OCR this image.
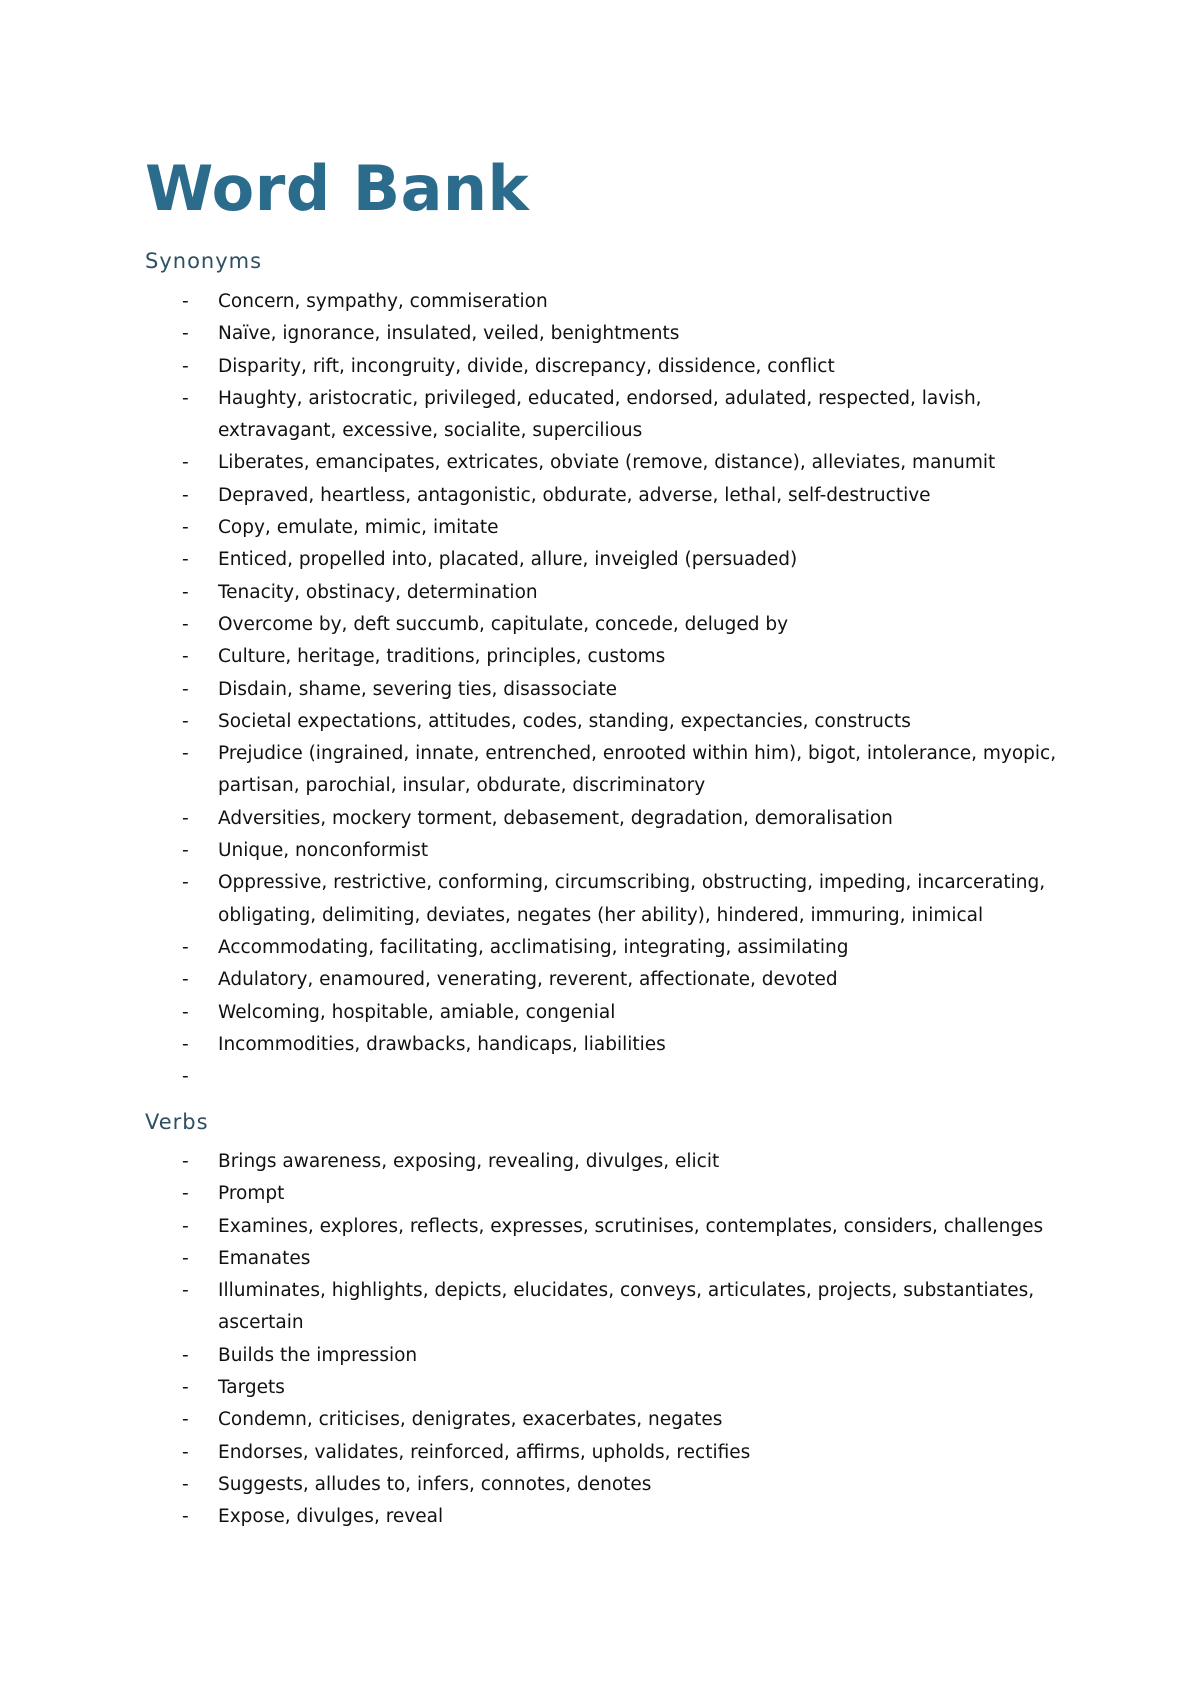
Word Bank
Synonyms
- Concern, sympathy, commiseration
- Naïve, ignorance, insulated, veiled, benightments
- Disparity, rift, incongruity, divide, discrepancy, dissidence, conflict
- Haughty, aristocratic, privileged, educated, endorsed, adulated, respected, lavish, extravagant, excessive, socialite, supercilious
- Liberates, emancipates, extricates, obviate (remove, distance), alleviates, manumit
- Depraved, heartless, antagonistic, obdurate, adverse, lethal, self-destructive
- Copy, emulate, mimic, imitate
- Enticed, propelled into, placated, allure, inveigled (persuaded)
- Tenacity, obstinacy, determination
- Overcome by, deft succumb, capitulate, concede, deluged by
- Culture, heritage, traditions, principles, customs
- Disdain, shame, severing ties, disassociate
- Societal expectations, attitudes, codes, standing, expectancies, constructs
- Prejudice (ingrained, innate, entrenched, enrooted within him), bigot, intolerance, myopic, partisan, parochial, insular, obdurate, discriminatory
- Adversities, mockery torment, debasement, degradation, demoralisation
- Unique, nonconformist
- Oppressive, restrictive, conforming, circumscribing, obstructing, impeding, incarcerating, obligating, delimiting, deviates, negates (her ability), hindered, immuring, inimical
- Accommodating, facilitating, acclimatising, integrating, assimilating
- Adulatory, enamoured, venerating, reverent, affectionate, devoted
- Welcoming, hospitable, amiable, congenial
- Incommodities, drawbacks, handicaps, liabilities
-

Verbs
- Brings awareness, exposing, revealing, divulges, elicit
- Prompt
- Examines, explores, reflects, expresses, scrutinises, contemplates, considers, challenges
- Emanates
- Illuminates, highlights, depicts, elucidates, conveys, articulates, projects, substantiates, ascertain
- Builds the impression
- Targets
- Condemn, criticises, denigrates, exacerbates, negates
- Endorses, validates, reinforced, affirms, upholds, rectifies
- Suggests, alludes to, infers, connotes, denotes
- Expose, divulges, reveal
